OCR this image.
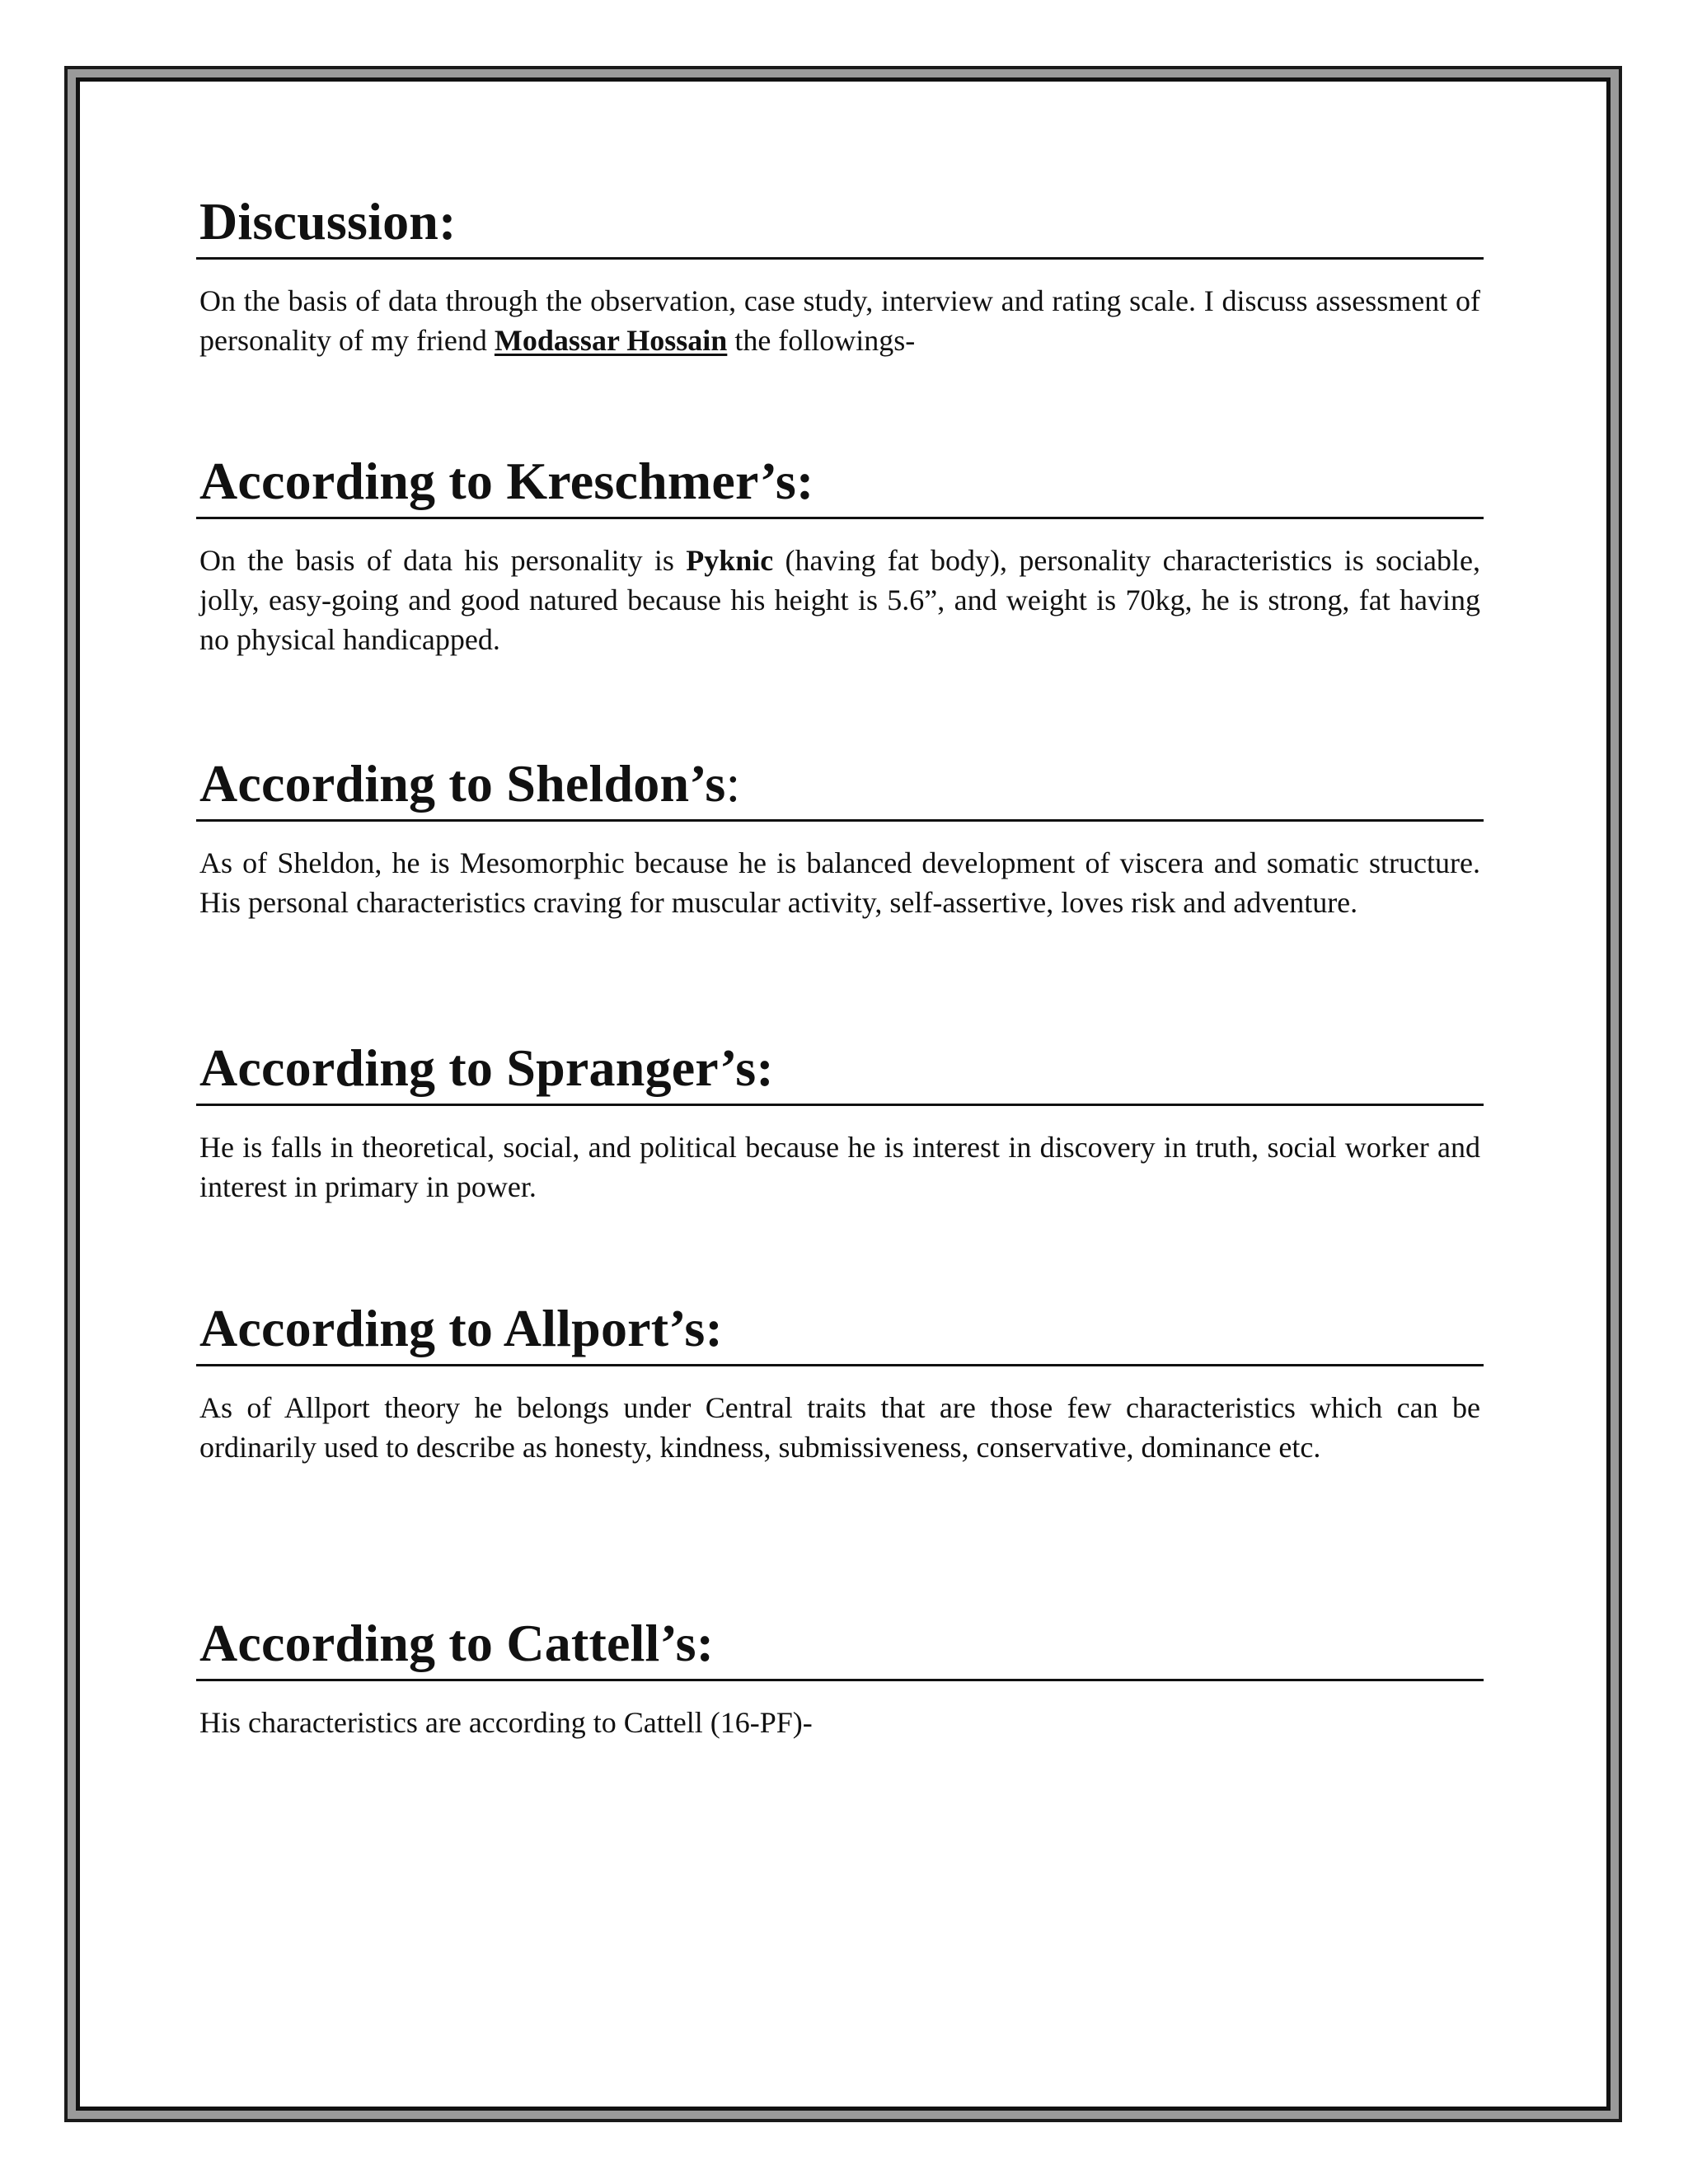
Discussion:

On the basis of data through the observation, case study, interview and rating scale. I discuss assessment of personality of my friend Modassar Hossain the followings-

According to Kreschmer’s:

On the basis of data his personality is Pyknic (having fat body), personality characteristics is sociable, jolly, easy-going and good natured because his height is 5.6”, and weight is 70kg, he is strong, fat having no physical handicapped.

According to Sheldon’s:

As of Sheldon, he is Mesomorphic because he is balanced development of viscera and somatic structure. His personal characteristics craving for muscular activity, self-assertive, loves risk and adventure.

According to Spranger’s:

He is falls in theoretical, social, and political because he is interest in discovery in truth, social worker and interest in primary in power.

According to Allport’s:

As of Allport theory he belongs under Central traits that are those few characteristics which can be ordinarily used to describe as honesty, kindness, submissiveness, conservative, dominance etc.

According to Cattell’s:

His characteristics are according to Cattell (16-PF)-
